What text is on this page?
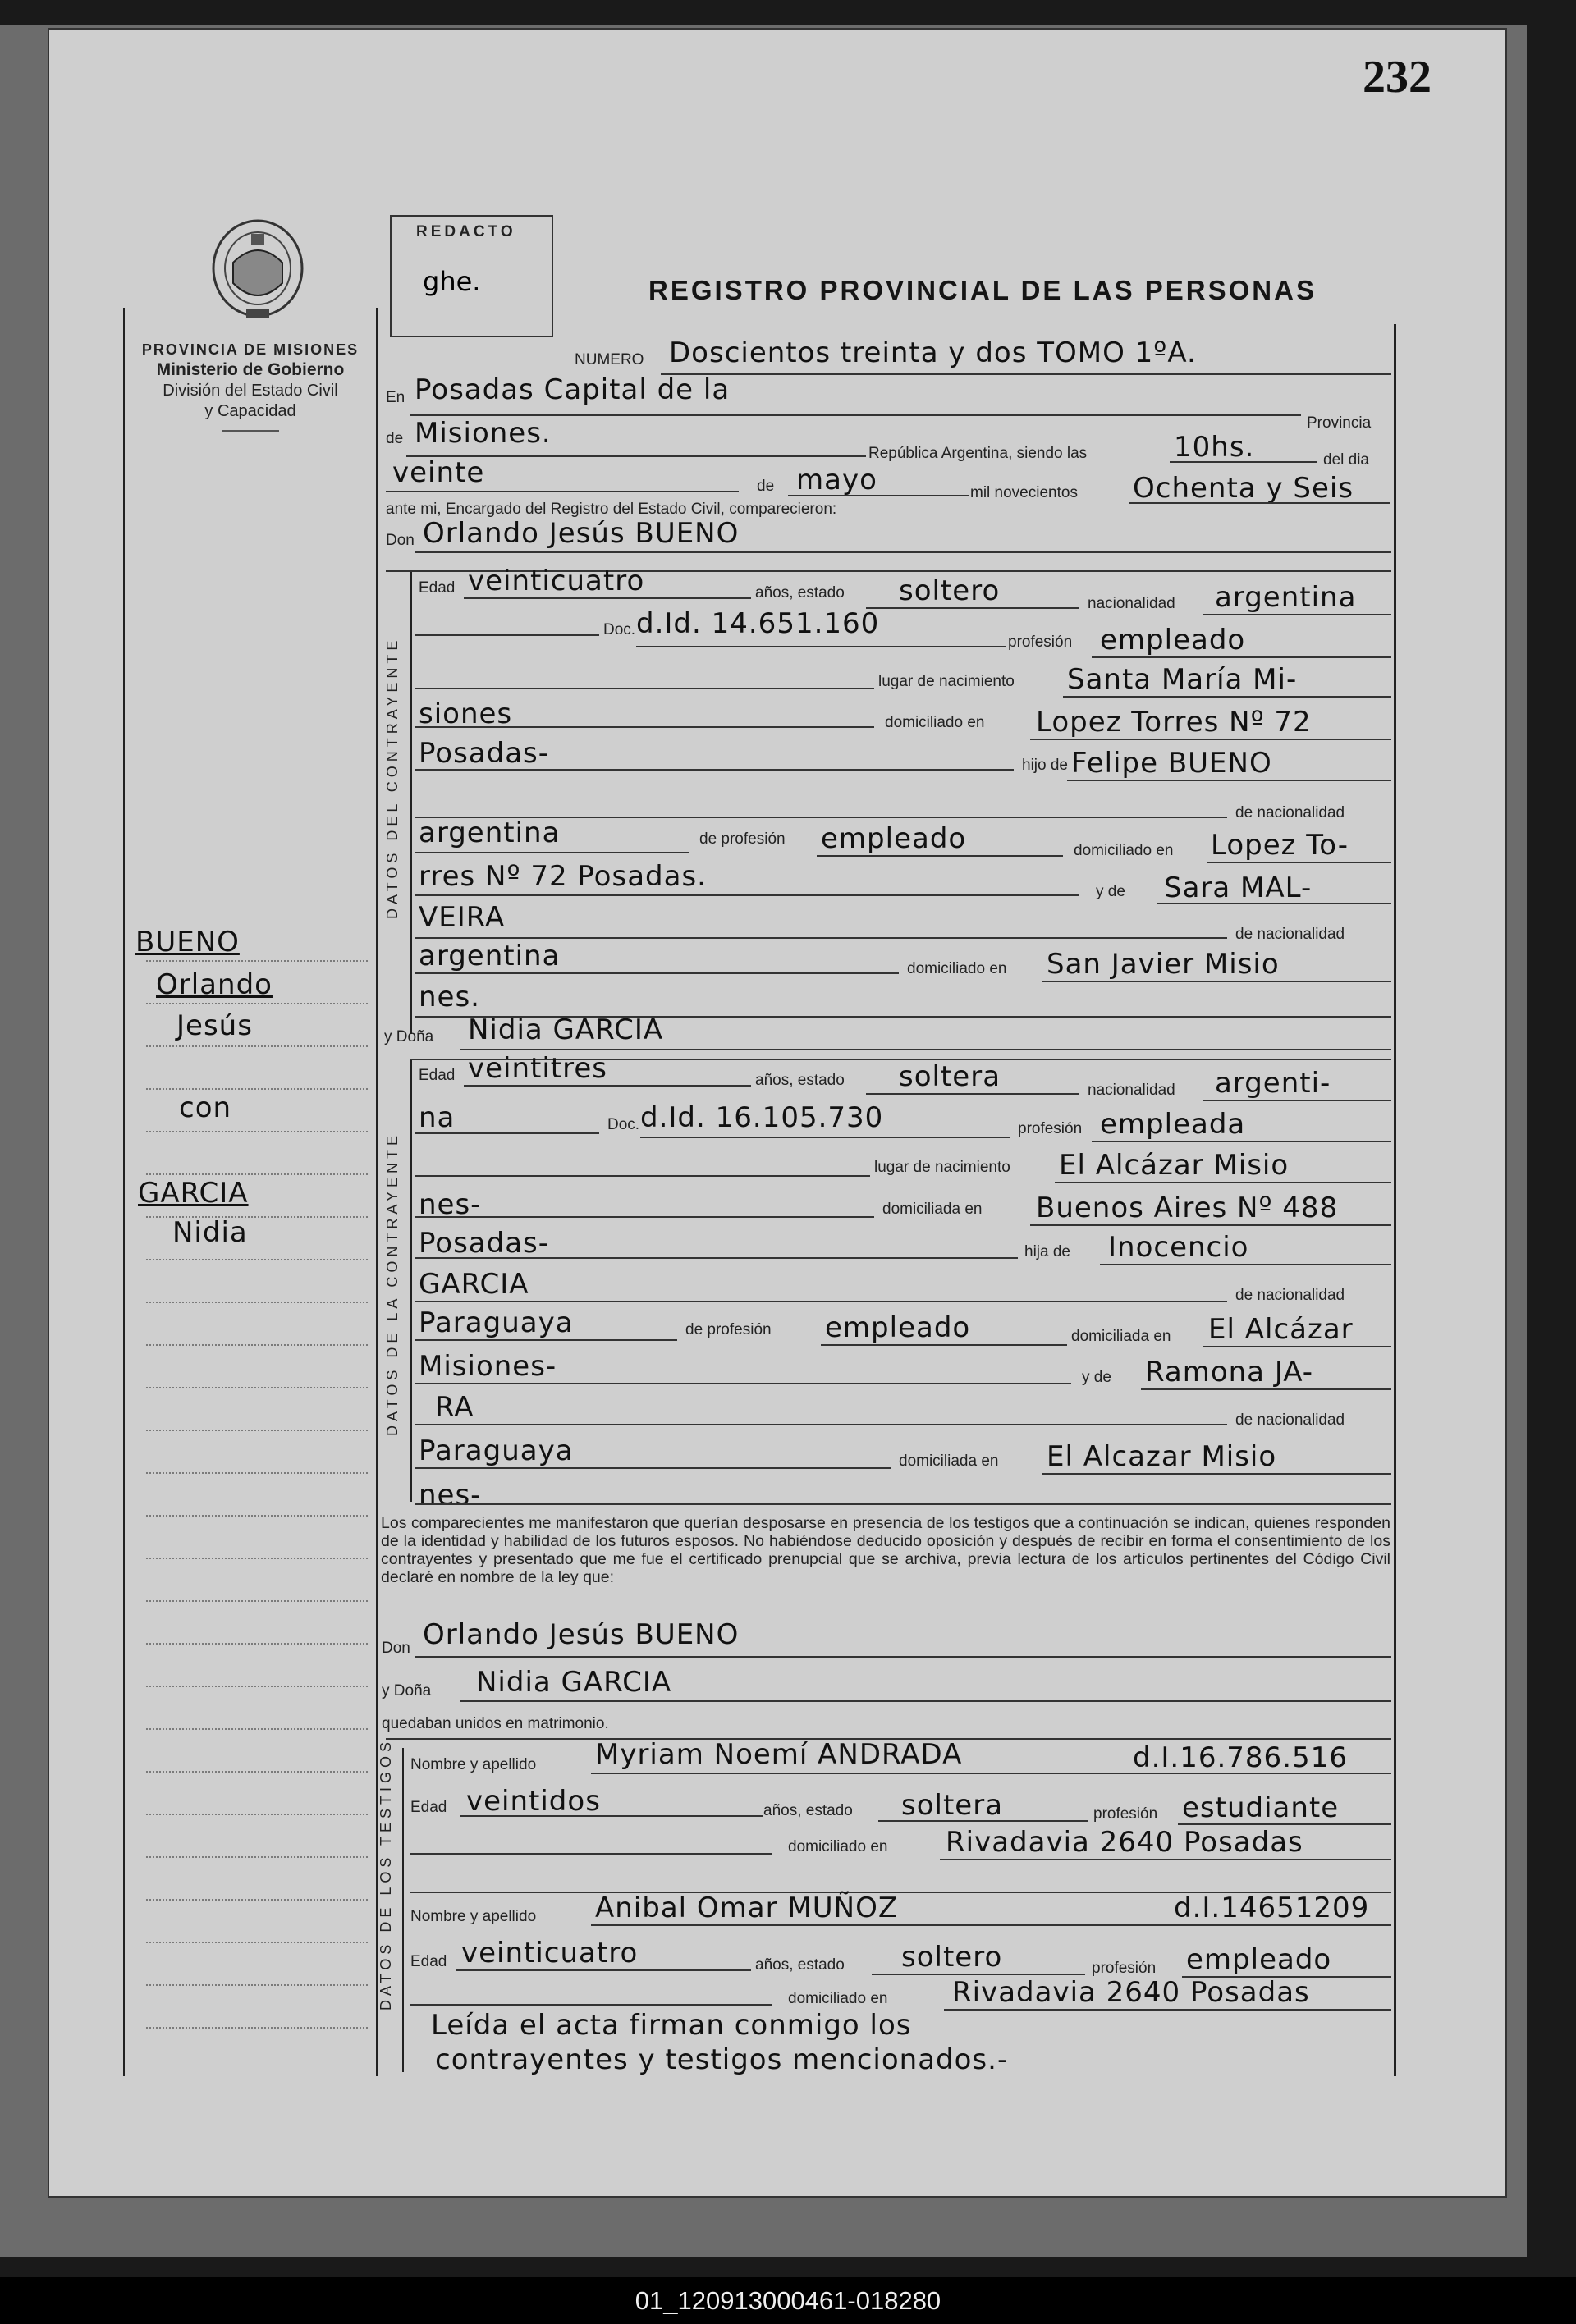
232
PROVINCIA DE MISIONES
Ministerio de Gobierno
División del Estado Civil
y Capacidad
REDACTO
ghe.	REGISTRO PROVINCIAL DE LAS PERSONAS
BUENO
Orlando
Jesús
con
GARCIA
Nidia
NUMERO Doscientos treinta y dos TOMO 1ºA.
En Posadas Capital de la
Provincia
de Misiones.
República Argentina, siendo las	10hs.	del dia
veinte	de mayo	mil novecientos Ochenta y Seis
ante mi, Encargado del Registro del Estado Civil, comparecieron:
Don Orlando Jesús BUENO
DATOS DEL CONTRAYENTE
Edad veinticuatro	años, estado soltero	nacionalidad argentina
Doc. d.Id. 14.651.160
profesión empleado
lugar de nacimiento Santa María Mi-
siones	domiciliado en Lopez Torres Nº 72
Posadas-	hijo de Felipe BUENO
de nacionalidad
argentina	de profesión empleado	domiciliado en Lopez To-
rres Nº 72 Posadas.	y de Sara MAL-
VEIRA
de nacionalidad
argentina	domiciliado en San Javier Misio
nes.
y Doña Nidia GARCIA
DATOS DE LA CONTRAYENTE
Edad veintitres	años, estado soltera	nacionalidad argenti-
na	Doc. d.Id. 16.105.730	profesión empleada
lugar de nacimiento El Alcázar Misio
nes-	domiciliada en Buenos Aires Nº 488
Posadas-	hija de Inocencio
GARCIA	de nacionalidad
Paraguaya	de profesión empleado	domiciliada en El Alcázar
Misiones-	y de Ramona JA-
RA	de nacionalidad
Paraguaya	domiciliada en El Alcazar Misio
nes-
Los comparecientes me manifestaron que querían desposarse en presencia de los testigos que a continuación se indican, quienes responden de la identidad y habilidad de los futuros esposos. No habiéndose deducido oposición y después de recibir en forma el consentimiento de los contrayentes y presentado que me fue el certificado prenupcial que se archiva, previa lectura de los artículos pertinentes del Código Civil declaré en nombre de la ley que:
Don Orlando Jesús BUENO
y Doña Nidia GARCIA
quedaban unidos en matrimonio.
DATOS DE LOS TESTIGOS Nombre y apellido Myriam Noemí ANDRADA	d.I.16.786.516
Edad veintidos	años, estado soltera	profesión estudiante
domiciliado en Rivadavia 2640 Posadas
Nombre y apellido Anibal Omar MUÑOZ	d.I.14651209
Edad veinticuatro	años, estado soltero	profesión empleado
domiciliado en Rivadavia 2640 Posadas
Leída el acta firman conmigo los
contrayentes y testigos mencionados.-
01_120913000461-018280
